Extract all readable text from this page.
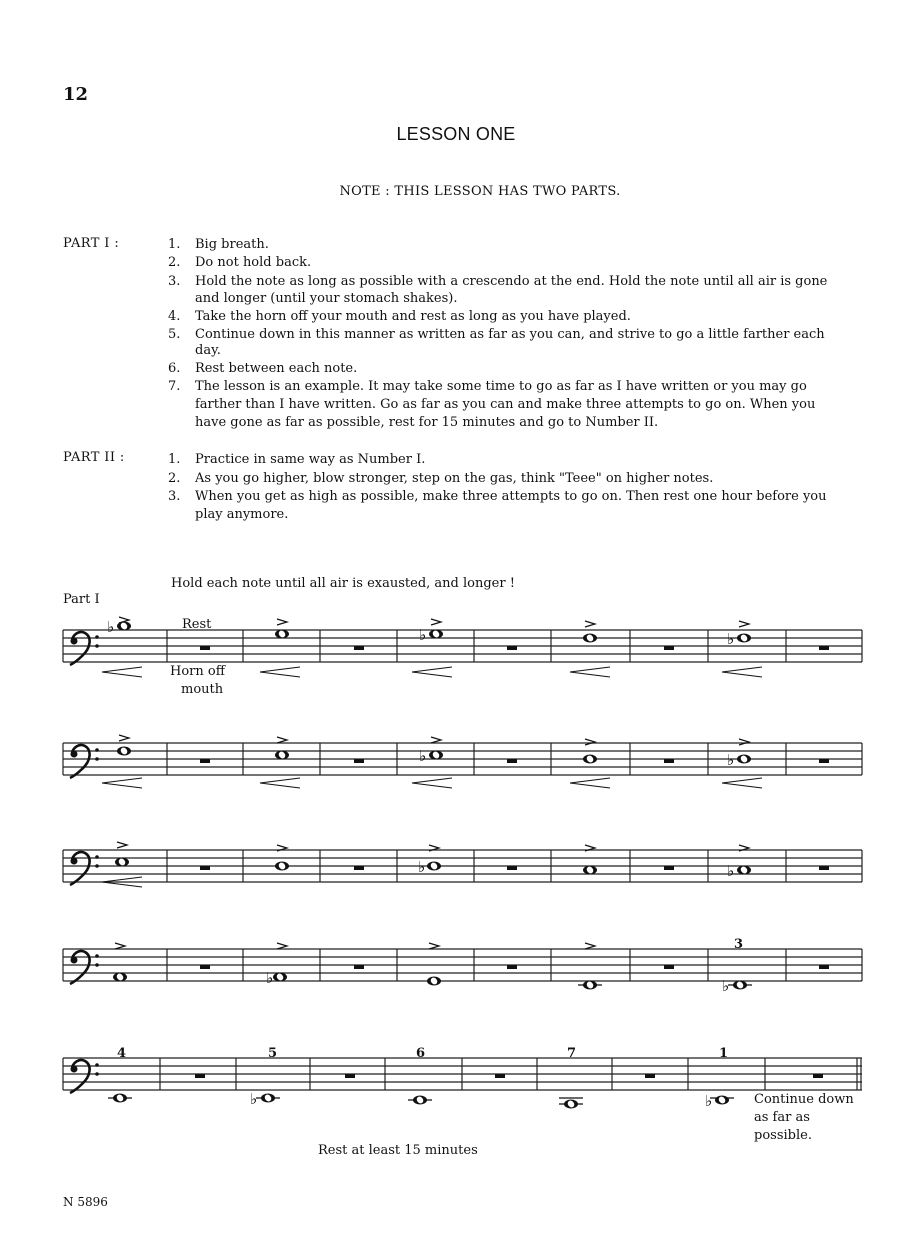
12
LESSON ONE
NOTE : THIS LESSON HAS TWO PARTS.
PART I :	1.	Big breath.
2.	Do not hold back.
3.	Hold the note as long as possible with a crescendo at the end. Hold the note until all air is gone
and longer (until your stomach shakes).
4.	Take the horn off your mouth and rest as long as you have played.
5.	Continue down in this manner as written as far as you can, and strive to go a little farther each
day.
6.	Rest between each note.
7.	The lesson is an example. It may take some time to go as far as I have written or you may go
farther than I have written. Go as far as you can and make three attempts to go on. When you
have gone as far as possible, rest for 15 minutes and go to Number II.
PART II :	1.	Practice in same way as Number I.
2.	As you go higher, blow stronger, step on the gas, think "Teee" on higher notes.
3.	When you get as high as possible, make three attempts to go on. Then rest one hour before you
play anymore.
Hold each note until all air is exausted, and longer !
Part I
Rest
Horn off
mouth
3
4	5	6	7	1
Continue down
as far as
possible.
Rest at least 15 minutes
N 5896
♭	♭	♭
♭	♭
♭	♭
♭	♭
♭	♭
